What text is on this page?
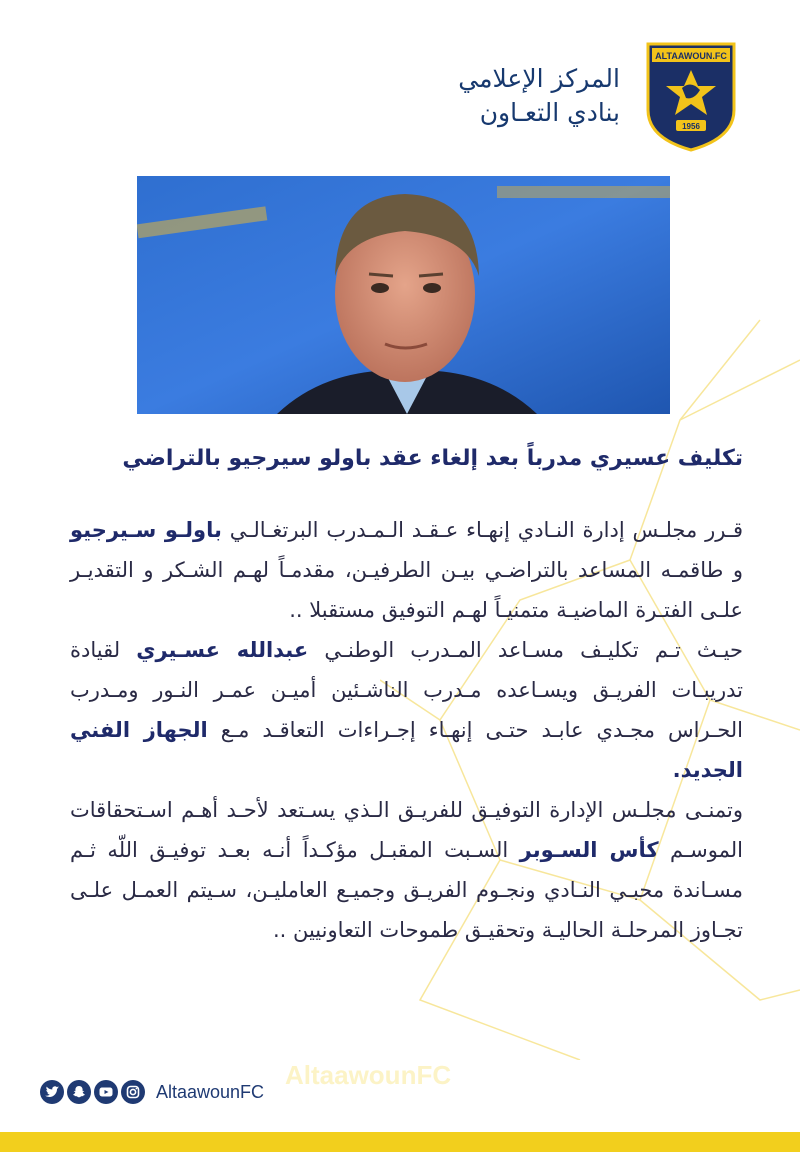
ALTAAWOUN.FC
1956
المركز الإعلامي
بنادي التعـاون
تكليف عسيري مدرباً بعد إلغاء عقد باولو سيرجيو بالتراضي

قـرر مجلـس إدارة النـادي إنهـاء عـقـد الـمـدرب البرتغـالـي باولـو سـيرجيو و طاقمـه المساعد بالتراضـي بيـن الطرفيـن، مقدمـاً لهـم الشـكر و التقديـر علـى الفتـرة الماضيـة متمنيـاً لهـم التوفيق مستقبلا ..

حيـث تـم تكليـف مسـاعد المـدرب الوطنـي عبدالله عسـيري لقيادة تدريبـات الفريـق ويسـاعده مـدرب الناشـئين أميـن عمـر النـور ومـدرب الحـراس مجـدي عابـد حتـى إنهـاء إجـراءات التعاقـد مـع الجهاز الفني الجديد.

وتمنـى مجلـس الإدارة التوفيـق للفريـق الـذي يسـتعد لأحـد أهـم اسـتحقاقات الموسـم كأس السـوبر السـبت المقبـل مؤكـداً أنـه بعـد توفيـق اللّه ثـم مسـاندة محبـي النـادي ونجـوم الفريـق وجميـع العامليـن، سـيتم العمـل علـى تجـاوز المرحلـة الحاليـة وتحقيـق طموحات التعاونيين ..

AltaawounFC
AltaawounFC
